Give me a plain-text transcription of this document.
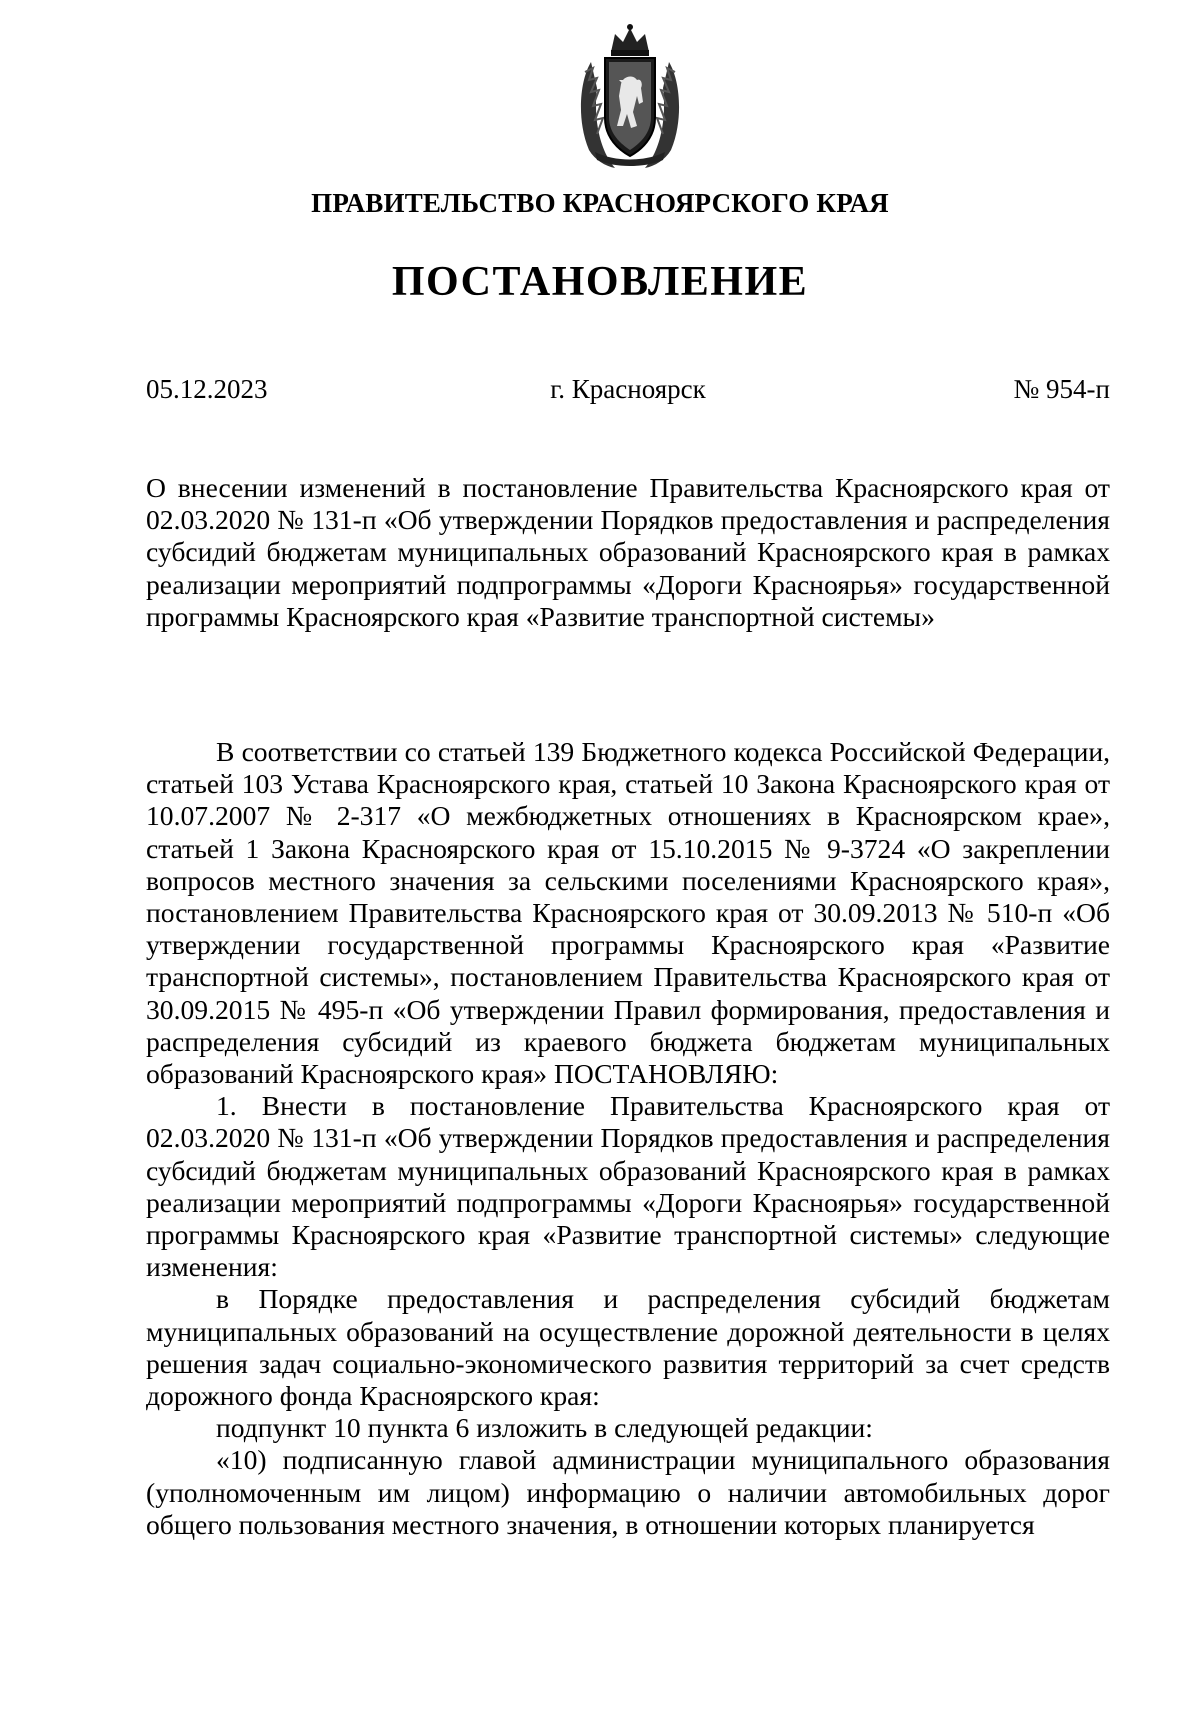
ПРАВИТЕЛЬСТВО КРАСНОЯРСКОГО КРАЯ
ПОСТАНОВЛЕНИЕ
05.12.2023	г. Красноярск	№ 954-п

О внесении изменений в постановление Правительства Красноярского края от 02.03.2020 № 131-п «Об утверждении Порядков предоставления и распределения субсидий бюджетам муниципальных образований Красноярского края в рамках реализации мероприятий подпрограммы «Дороги Красноярья» государственной программы Красноярского края «Развитие транспортной системы»

В соответствии со статьей 139 Бюджетного кодекса Российской Федерации, статьей 103 Устава Красноярского края, статьей 10 Закона Красноярского края от 10.07.2007 № 2-317 «О межбюджетных отношениях в Красноярском крае», статьей 1 Закона Красноярского края от 15.10.2015 № 9-3724 «О закреплении вопросов местного значения за сельскими поселениями Красноярского края», постановлением Правительства Красноярского края от 30.09.2013 № 510-п «Об утверждении государственной программы Красноярского края «Развитие транспортной системы», постановлением Правительства Красноярского края от 30.09.2015 № 495-п «Об утверждении Правил формирования, предоставления и распределения субсидий из краевого бюджета бюджетам муниципальных образований Красноярского края» ПОСТАНОВЛЯЮ:

1. Внести в постановление Правительства Красноярского края от 02.03.2020 № 131-п «Об утверждении Порядков предоставления и распределения субсидий бюджетам муниципальных образований Красноярского края в рамках реализации мероприятий подпрограммы «Дороги Красноярья» государственной программы Красноярского края «Развитие транспортной системы» следующие изменения:

в Порядке предоставления и распределения субсидий бюджетам муниципальных образований на осуществление дорожной деятельности в целях решения задач социально-экономического развития территорий за счет средств дорожного фонда Красноярского края:

подпункт 10 пункта 6 изложить в следующей редакции:

«10) подписанную главой администрации муниципального образования (уполномоченным им лицом) информацию о наличии автомобильных дорог общего пользования местного значения, в отношении которых планируется
